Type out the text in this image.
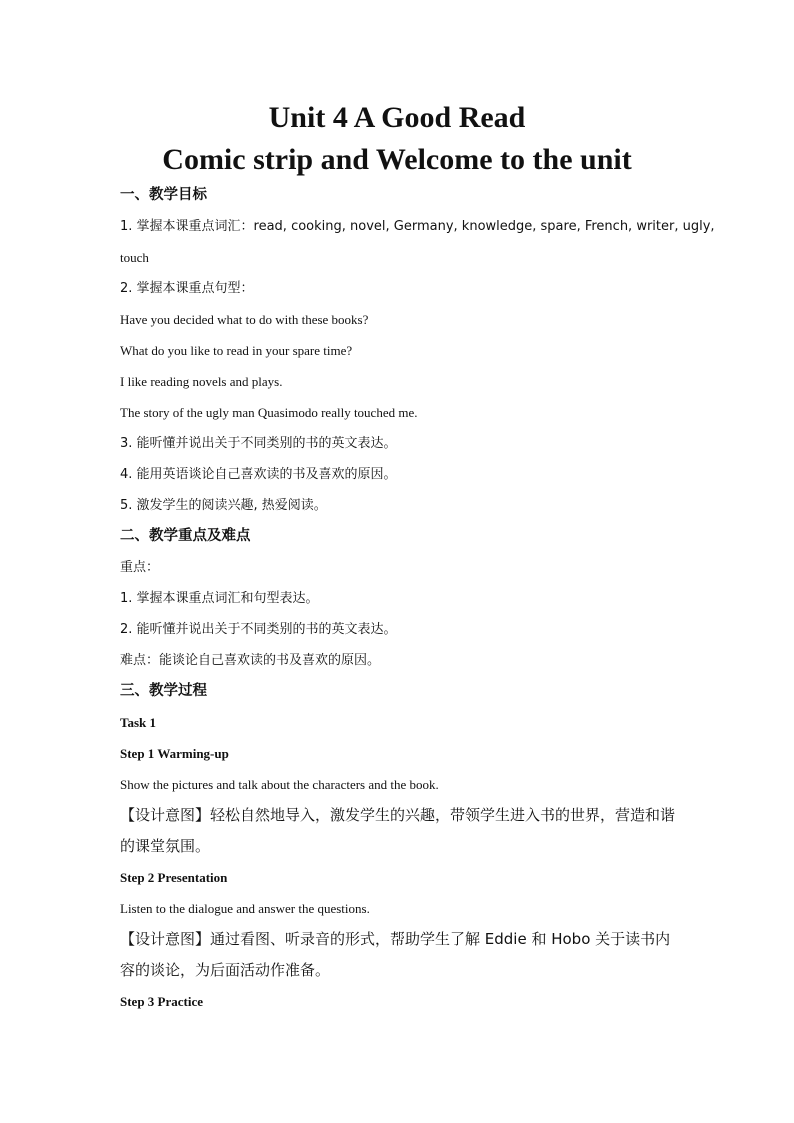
Unit 4 A Good Read
Comic strip and Welcome to the unit
一、教学目标
1. 掌握本课重点词汇：read, cooking, novel, Germany, knowledge, spare, French, writer, ugly,
touch
2. 掌握本课重点句型：
Have you decided what to do with these books?
What do you like to read in your spare time?
I like reading novels and plays.
The story of the ugly man Quasimodo really touched me.
3. 能听懂并说出关于不同类别的书的英文表达。
4. 能用英语谈论自己喜欢读的书及喜欢的原因。
5. 激发学生的阅读兴趣, 热爱阅读。
二、教学重点及难点
重点：
1. 掌握本课重点词汇和句型表达。
2. 能听懂并说出关于不同类别的书的英文表达。
难点：能谈论自己喜欢读的书及喜欢的原因。
三、教学过程
Task 1
Step 1 Warming-up
Show the pictures and talk about the characters and the book.
【设计意图】轻松自然地导入，激发学生的兴趣，带领学生进入书的世界，营造和谐的课堂氛围。
Step 2 Presentation
Listen to the dialogue and answer the questions.
【设计意图】通过看图、听录音的形式，帮助学生了解 Eddie 和 Hobo 关于读书内容的谈论，为后面活动作准备。
Step 3 Practice
